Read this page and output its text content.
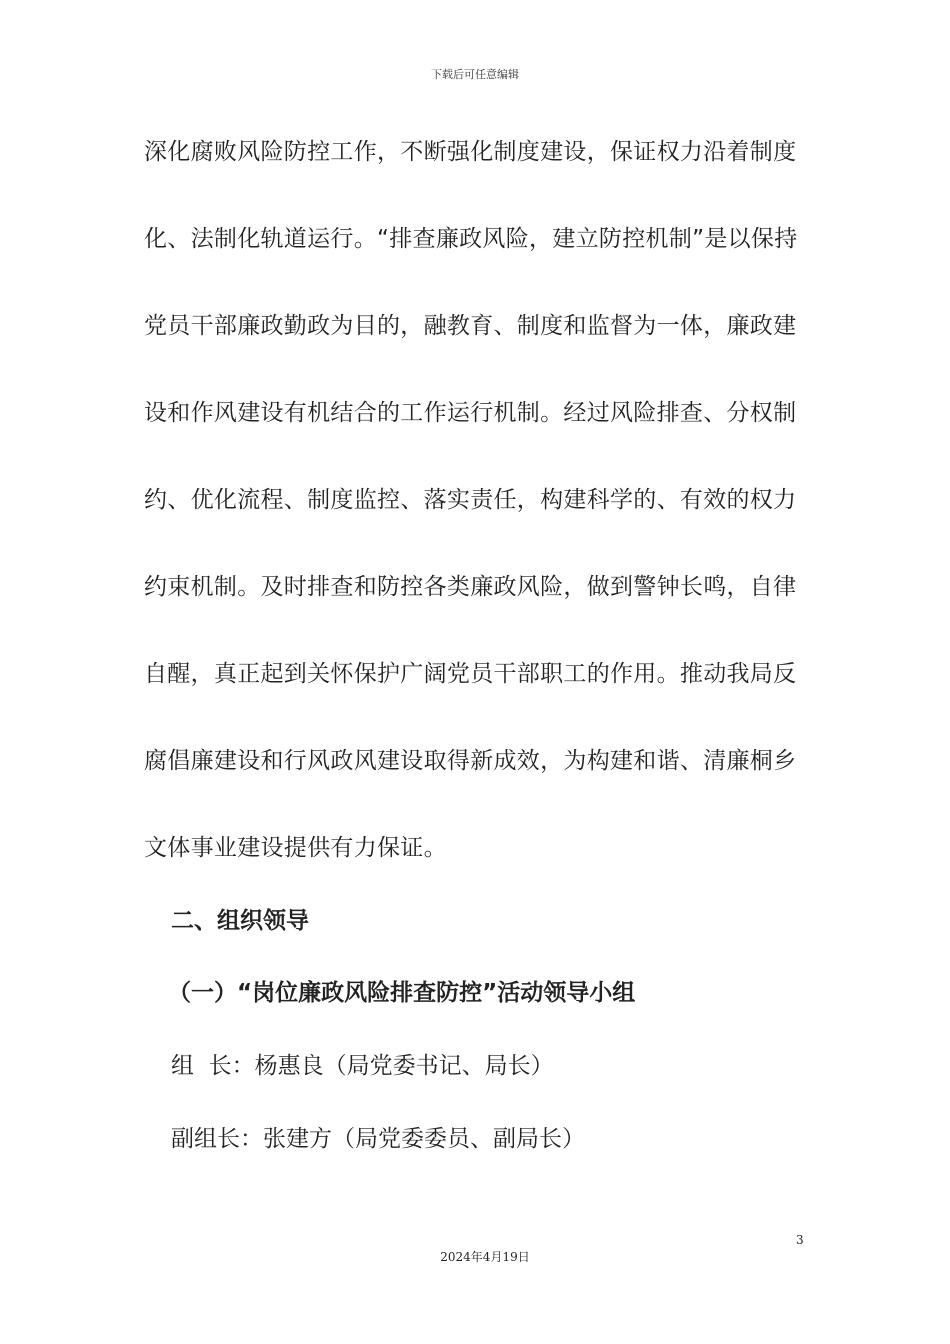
下载后可任意编辑
深化腐败风险防控工作，不断强化制度建设，保证权力沿着制度
化、法制化轨道运行。“排查廉政风险，建立防控机制”是以保持
党员干部廉政勤政为目的，融教育、制度和监督为一体，廉政建
设和作风建设有机结合的工作运行机制。经过风险排查、分权制
约、优化流程、制度监控、落实责任，构建科学的、有效的权力
约束机制。及时排查和防控各类廉政风险，做到警钟长鸣，自律
自醒，真正起到关怀保护广阔党员干部职工的作用。推动我局反
腐倡廉建设和行风政风建设取得新成效，为构建和谐、清廉桐乡
文体事业建设提供有力保证。
二、组织领导
（一）“岗位廉政风险排查防控”活动领导小组
组  长：杨惠良（局党委书记、局长）
副组长：张建方（局党委委员、副局长）
3
2024年4月19日
